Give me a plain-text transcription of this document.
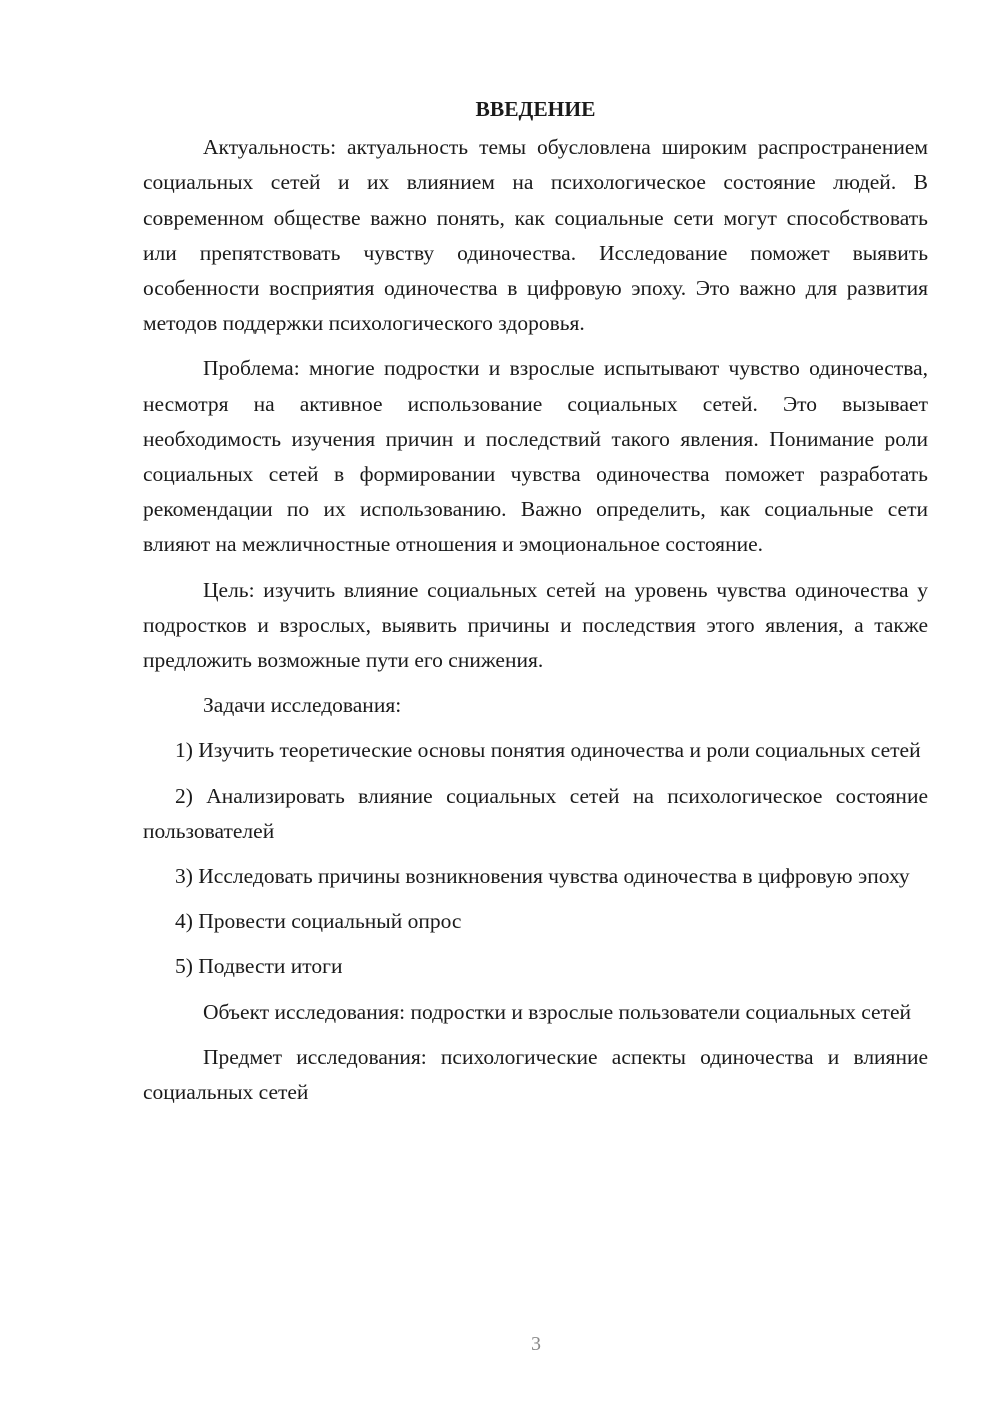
ВВЕДЕНИЕ

Актуальность: актуальность темы обусловлена широким распространением социальных сетей и их влиянием на психологическое состояние людей. В современном обществе важно понять, как социальные сети могут способствовать или препятствовать чувству одиночества. Исследование поможет выявить особенности восприятия одиночества в цифровую эпоху. Это важно для развития методов поддержки психологического здоровья.

Проблема: многие подростки и взрослые испытывают чувство одиночества, несмотря на активное использование социальных сетей. Это вызывает необходимость изучения причин и последствий такого явления. Понимание роли социальных сетей в формировании чувства одиночества поможет разработать рекомендации по их использованию. Важно определить, как социальные сети влияют на межличностные отношения и эмоциональное состояние.

Цель: изучить влияние социальных сетей на уровень чувства одиночества у подростков и взрослых, выявить причины и последствия этого явления, а также предложить возможные пути его снижения.

Задачи исследования:

1) Изучить теоретические основы понятия одиночества и роли социальных сетей

2) Анализировать влияние социальных сетей на психологическое состояние пользователей

3) Исследовать причины возникновения чувства одиночества в цифровую эпоху

4) Провести социальный опрос

5) Подвести итоги

Объект исследования: подростки и взрослые пользователи социальных сетей

Предмет исследования: психологические аспекты одиночества и влияние социальных сетей

3
